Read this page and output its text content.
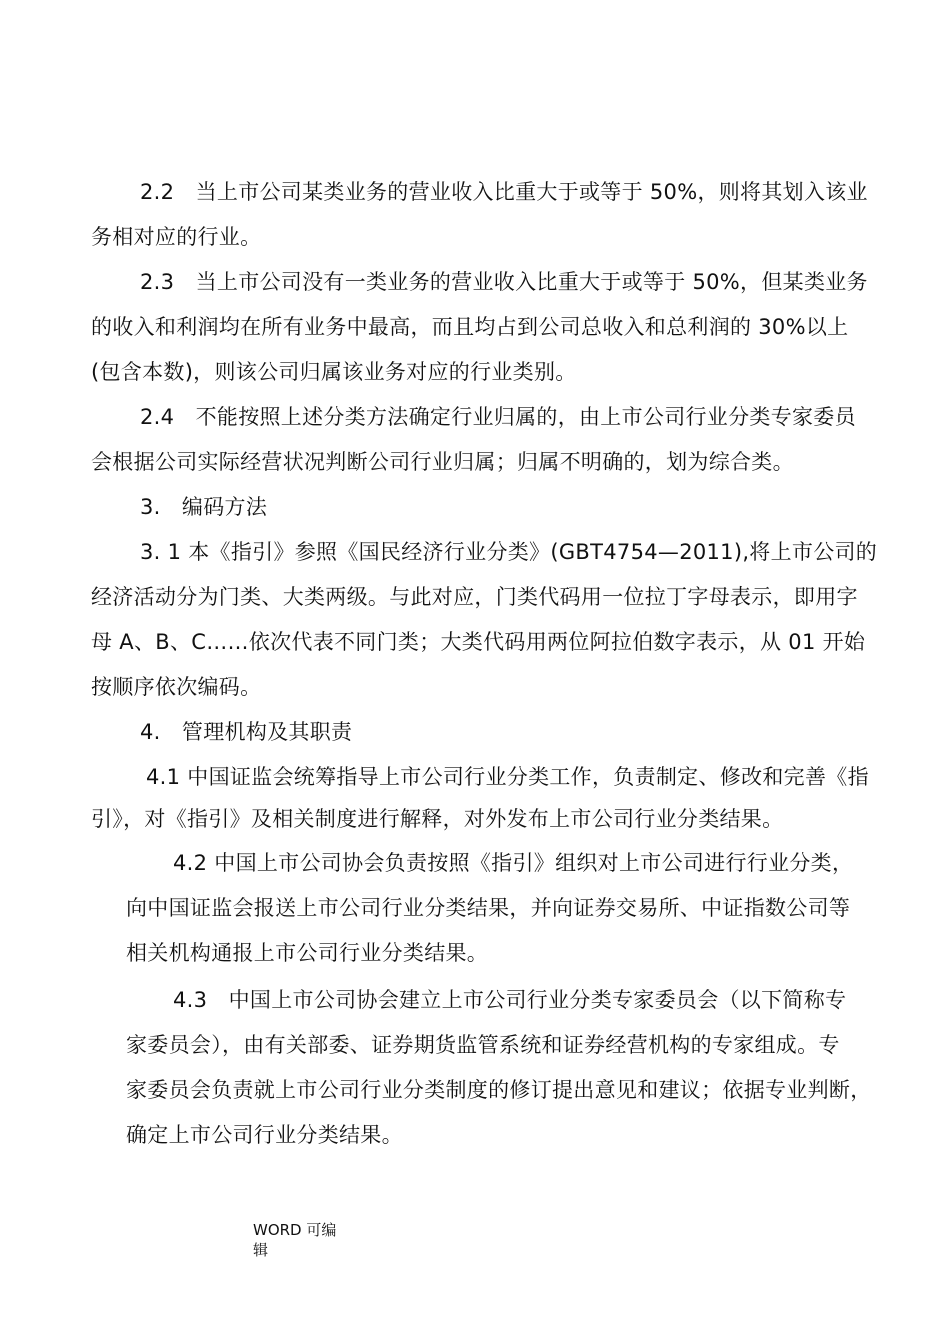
2.2　当上市公司某类业务的营业收入比重大于或等于 50%，则将其划入该业
务相对应的行业。
2.3　当上市公司没有一类业务的营业收入比重大于或等于 50%，但某类业务
的收入和利润均在所有业务中最高，而且均占到公司总收入和总利润的 30%以上
(包含本数)，则该公司归属该业务对应的行业类别。
2.4　不能按照上述分类方法确定行业归属的，由上市公司行业分类专家委员
会根据公司实际经营状况判断公司行业归属；归属不明确的，划为综合类。
3.　编码方法
3. 1 本《指引》参照《国民经济行业分类》(GBT4754—2011),将上市公司的
经济活动分为门类、大类两级。与此对应，门类代码用一位拉丁字母表示，即用字
母 A、B、C……依次代表不同门类；大类代码用两位阿拉伯数字表示，从 01 开始
按顺序依次编码。
4.　管理机构及其职责
4.1 中国证监会统筹指导上市公司行业分类工作，负责制定、修改和完善《指
引》，对《指引》及相关制度进行解释，对外发布上市公司行业分类结果。
4.2 中国上市公司协会负责按照《指引》组织对上市公司进行行业分类，
向中国证监会报送上市公司行业分类结果，并向证券交易所、中证指数公司等
相关机构通报上市公司行业分类结果。
4.3　中国上市公司协会建立上市公司行业分类专家委员会（以下简称专
家委员会），由有关部委、证券期货监管系统和证券经营机构的专家组成。专
家委员会负责就上市公司行业分类制度的修订提出意见和建议；依据专业判断，
确定上市公司行业分类结果。
WORD 可编
辑
